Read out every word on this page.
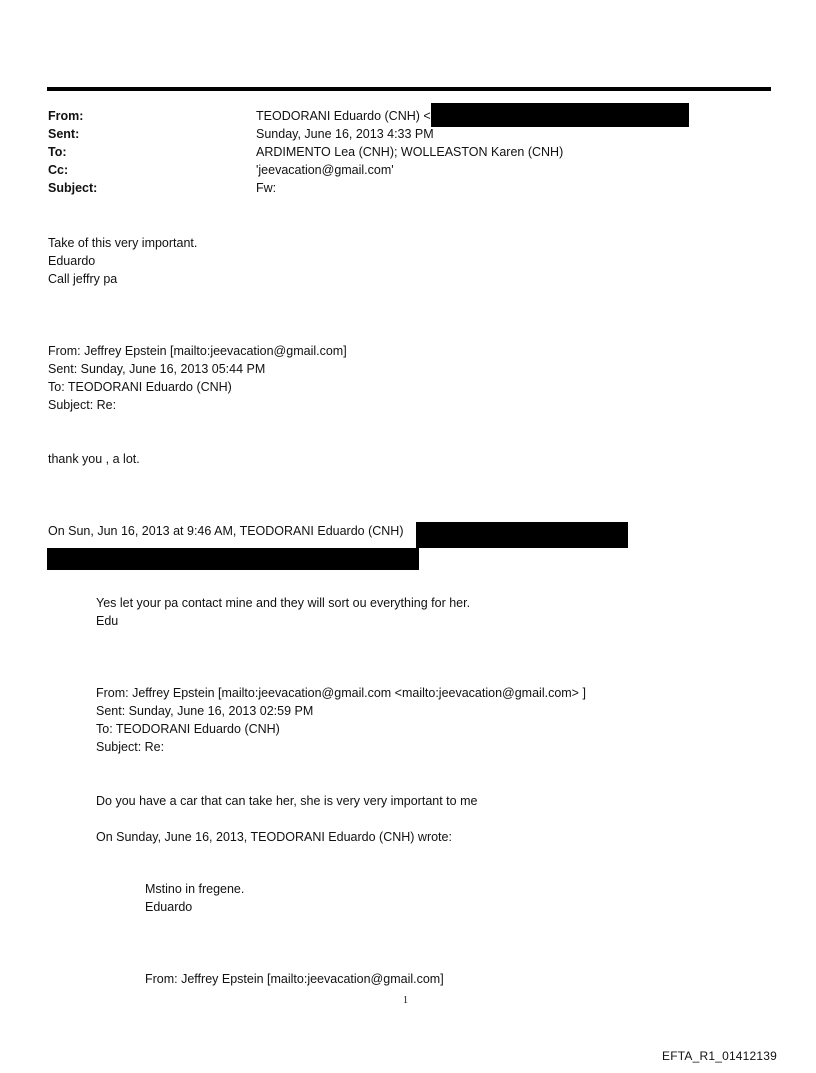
From:
Sent:
To:
Cc:
Subject:
TEODORANI Eduardo (CNH) <
Sunday, June 16, 2013 4:33 PM
ARDIMENTO Lea (CNH); WOLLEASTON Karen (CNH)
'jeevacation@gmail.com'
Fw:
Take of this very important.
Eduardo
Call jeffry pa
From: Jeffrey Epstein [mailto:jeevacation@gmail.com]
Sent: Sunday, June 16, 2013 05:44 PM
To: TEODORANI Eduardo (CNH)
Subject: Re:
thank you , a lot.
On Sun, Jun 16, 2013 at 9:46 AM, TEODORANI Eduardo (CNH)
Yes let your pa contact mine and they will sort ou everything for her.
Edu
From: Jeffrey Epstein [mailto:jeevacation@gmail.com <mailto:jeevacation@gmail.com> ]
Sent: Sunday, June 16, 2013 02:59 PM
To: TEODORANI Eduardo (CNH)
Subject: Re:
Do you have a car that can take her, she is very very important to me
On Sunday, June 16, 2013, TEODORANI Eduardo (CNH) wrote:
Mstino in fregene.
Eduardo
From: Jeffrey Epstein [mailto:jeevacation@gmail.com]
1
EFTA_R1_01412139
